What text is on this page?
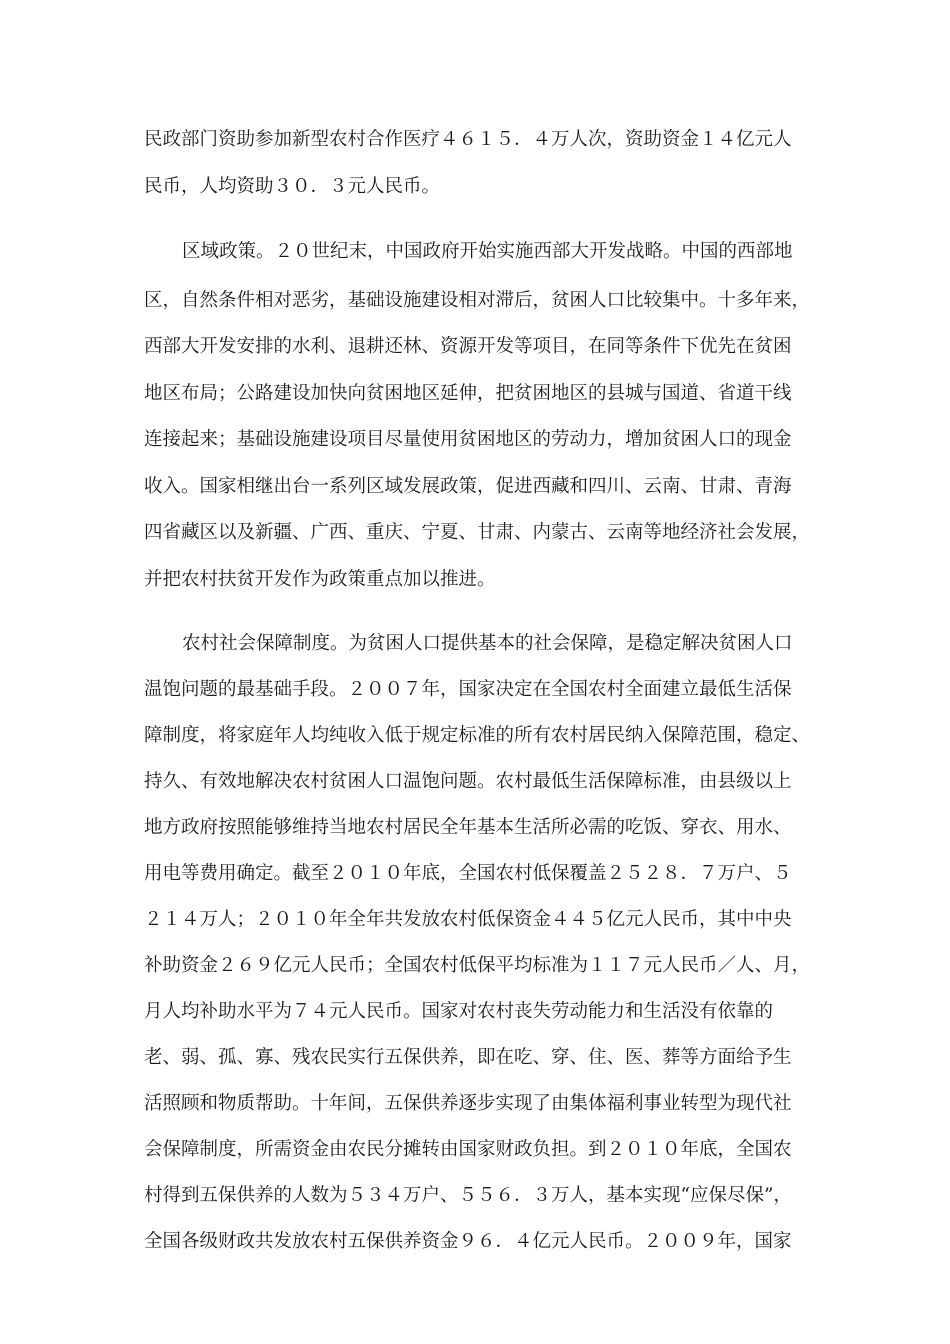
民政部门资助参加新型农村合作医疗４６１５．４万人次，资助资金１４亿元人
民币，人均资助３０．３元人民币。
区域政策。２０世纪末，中国政府开始实施西部大开发战略。中国的西部地
区，自然条件相对恶劣，基础设施建设相对滞后，贫困人口比较集中。十多年来，
西部大开发安排的水利、退耕还林、资源开发等项目，在同等条件下优先在贫困
地区布局；公路建设加快向贫困地区延伸，把贫困地区的县城与国道、省道干线
连接起来；基础设施建设项目尽量使用贫困地区的劳动力，增加贫困人口的现金
收入。国家相继出台一系列区域发展政策，促进西藏和四川、云南、甘肃、青海
四省藏区以及新疆、广西、重庆、宁夏、甘肃、内蒙古、云南等地经济社会发展，
并把农村扶贫开发作为政策重点加以推进。
农村社会保障制度。为贫困人口提供基本的社会保障，是稳定解决贫困人口
温饱问题的最基础手段。２００７年，国家决定在全国农村全面建立最低生活保
障制度，将家庭年人均纯收入低于规定标准的所有农村居民纳入保障范围，稳定、
持久、有效地解决农村贫困人口温饱问题。农村最低生活保障标准，由县级以上
地方政府按照能够维持当地农村居民全年基本生活所必需的吃饭、穿衣、用水、
用电等费用确定。截至２０１０年底，全国农村低保覆盖２５２８．７万户、５
２１４万人；２０１０年全年共发放农村低保资金４４５亿元人民币，其中中央
补助资金２６９亿元人民币；全国农村低保平均标准为１１７元人民币／人、月，
月人均补助水平为７４元人民币。国家对农村丧失劳动能力和生活没有依靠的
老、弱、孤、寡、残农民实行五保供养，即在吃、穿、住、医、葬等方面给予生
活照顾和物质帮助。十年间，五保供养逐步实现了由集体福利事业转型为现代社
会保障制度，所需资金由农民分摊转由国家财政负担。到２０１０年底，全国农
村得到五保供养的人数为５３４万户、５５６．３万人，基本实现“应保尽保”，
全国各级财政共发放农村五保供养资金９６．４亿元人民币。２００９年，国家
